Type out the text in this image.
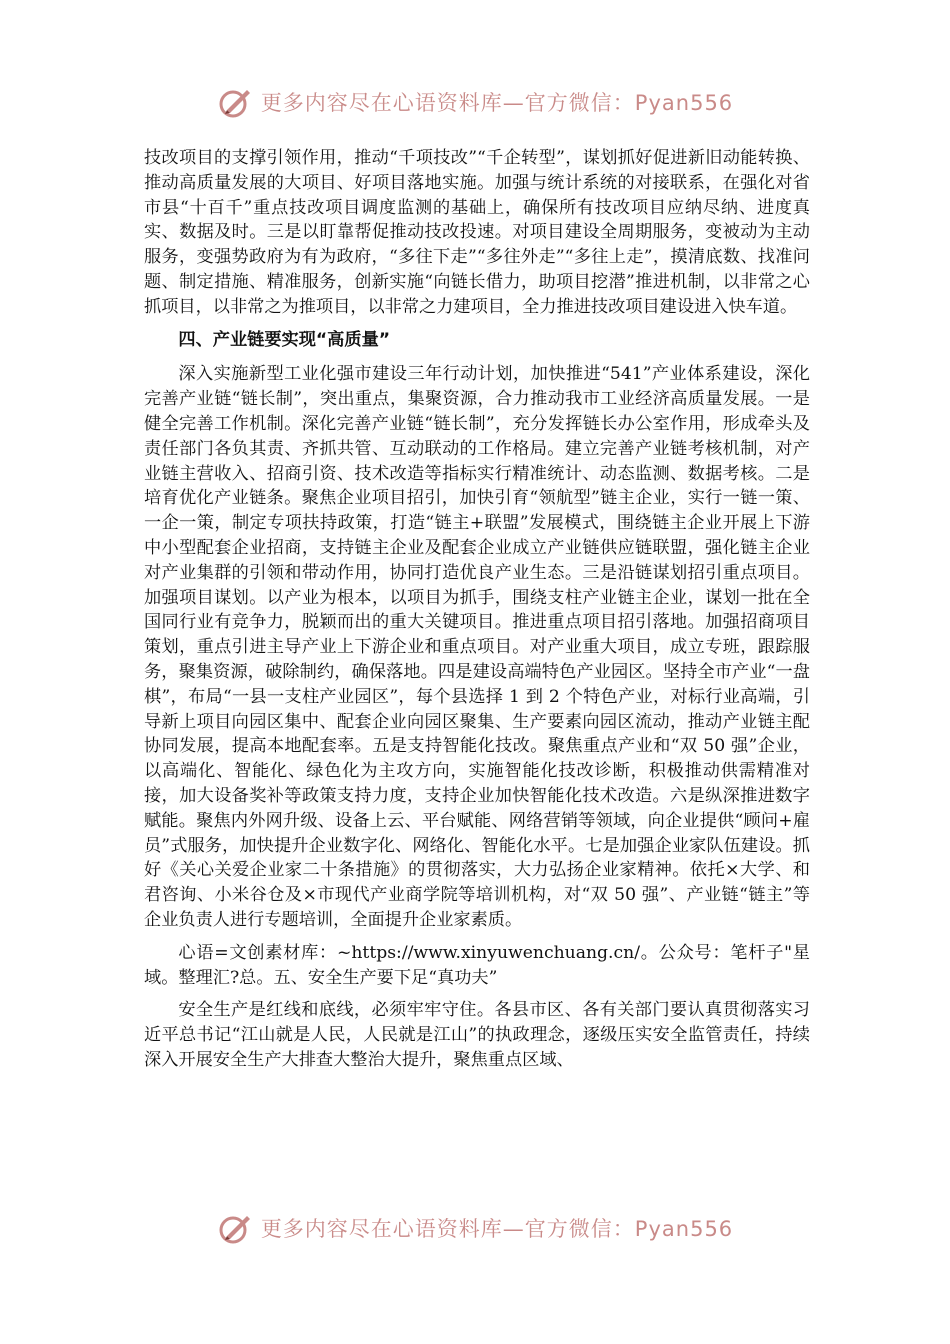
更多内容尽在心语资料库—官方微信：Pyan556

技改项目的支撑引领作用，推动“千项技改”“千企转型”，谋划抓好促进新旧动能转换、推动高质量发展的大项目、好项目落地实施。加强与统计系统的对接联系，在强化对省市县“十百千”重点技改项目调度监测的基础上，确保所有技改项目应纳尽纳、进度真实、数据及时。三是以盯靠帮促推动技改投速。对项目建设全周期服务，变被动为主动服务，变强势政府为有为政府，“多往下走”“多往外走”“多往上走”，摸清底数、找准问题、制定措施、精准服务，创新实施“向链长借力，助项目挖潜”推进机制，以非常之心抓项目，以非常之为推项目，以非常之力建项目，全力推进技改项目建设进入快车道。

四、产业链要实现“高质量”

深入实施新型工业化强市建设三年行动计划，加快推进“541”产业体系建设，深化完善产业链“链长制”，突出重点，集聚资源，合力推动我市工业经济高质量发展。一是健全完善工作机制。深化完善产业链“链长制”，充分发挥链长办公室作用，形成牵头及责任部门各负其责、齐抓共管、互动联动的工作格局。建立完善产业链考核机制，对产业链主营收入、招商引资、技术改造等指标实行精准统计、动态监测、数据考核。二是培育优化产业链条。聚焦企业项目招引，加快引育“领航型”链主企业，实行一链一策、一企一策，制定专项扶持政策，打造“链主+联盟”发展模式，围绕链主企业开展上下游中小型配套企业招商，支持链主企业及配套企业成立产业链供应链联盟，强化链主企业对产业集群的引领和带动作用，协同打造优良产业生态。三是沿链谋划招引重点项目。加强项目谋划。以产业为根本，以项目为抓手，围绕支柱产业链主企业，谋划一批在全国同行业有竞争力，脱颖而出的重大关键项目。推进重点项目招引落地。加强招商项目策划，重点引进主导产业上下游企业和重点项目。对产业重大项目，成立专班，跟踪服务，聚集资源，破除制约，确保落地。四是建设高端特色产业园区。坚持全市产业“一盘棋”，布局“一县一支柱产业园区”，每个县选择 1 到 2 个特色产业，对标行业高端，引导新上项目向园区集中、配套企业向园区聚集、生产要素向园区流动，推动产业链主配协同发展，提高本地配套率。五是支持智能化技改。聚焦重点产业和“双 50 强”企业，以高端化、智能化、绿色化为主攻方向，实施智能化技改诊断，积极推动供需精准对接，加大设备奖补等政策支持力度，支持企业加快智能化技术改造。六是纵深推进数字赋能。聚焦内外网升级、设备上云、平台赋能、网络营销等领域，向企业提供“顾问+雇员”式服务，加快提升企业数字化、网络化、智能化水平。七是加强企业家队伍建设。抓好《关心关爱企业家二十条措施》的贯彻落实，大力弘扬企业家精神。依托×大学、和君咨询、小米谷仓及×市现代产业商学院等培训机构，对“双 50 强”、产业链“链主”等企业负责人进行专题培训，全面提升企业家素质。

心语=文创素材库：~https://www.xinyuwenchuang.cn/。公众号：笔杆子"星域。整理汇?总。五、安全生产要下足“真功夫”

安全生产是红线和底线，必须牢牢守住。各县市区、各有关部门要认真贯彻落实习近平总书记“江山就是人民，人民就是江山”的执政理念，逐级压实安全监管责任，持续深入开展安全生产大排查大整治大提升，聚焦重点区域、

更多内容尽在心语资料库—官方微信：Pyan556
